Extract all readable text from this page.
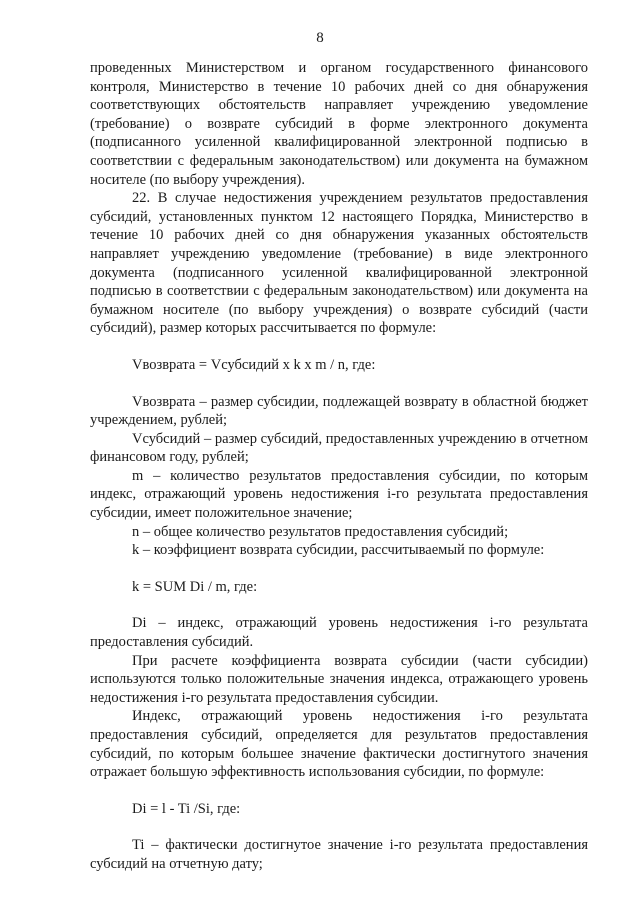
8

проведенных Министерством и органом государственного финансового контроля, Министерство в течение 10 рабочих дней со дня обнаружения соответствующих обстоятельств направляет учреждению уведомление (требование) о возврате субсидий в форме электронного документа (подписанного усиленной квалифицированной электронной подписью в соответствии с федеральным законодательством) или документа на бумажном носителе (по выбору учреждения).

22. В случае недостижения учреждением результатов предоставления субсидий, установленных пунктом 12 настоящего Порядка, Министерство в течение 10 рабочих дней со дня обнаружения указанных обстоятельств направляет учреждению уведомление (требование) в виде электронного документа (подписанного усиленной квалифицированной электронной подписью в соответствии с федеральным законодательством) или документа на бумажном носителе (по выбору учреждения) о возврате субсидий (части субсидий), размер которых рассчитывается по формуле:

Vвозврата = Vсубсидий x k x m / n, где:

Vвозврата – размер субсидии, подлежащей возврату в областной бюджет учреждением, рублей;

Vсубсидий – размер субсидий, предоставленных учреждению в отчетном финансовом году, рублей;

m – количество результатов предоставления субсидии, по которым индекс, отражающий уровень недостижения i-го результата предоставления субсидии, имеет положительное значение;

n – общее количество результатов предоставления субсидий;

k – коэффициент возврата субсидии, рассчитываемый по формуле:

k = SUM Di / m, где:

Di – индекс, отражающий уровень недостижения i-го результата предоставления субсидий.

При расчете коэффициента возврата субсидии (части субсидии) используются только положительные значения индекса, отражающего уровень недостижения i-го результата предоставления субсидии.

Индекс, отражающий уровень недостижения i-го результата предоставления субсидий, определяется для результатов предоставления субсидий, по которым большее значение фактически достигнутого значения отражает большую эффективность использования субсидии, по формуле:

Di = l - Ti /Si, где:

Ti – фактически достигнутое значение i-го результата предоставления субсидий на отчетную дату;
